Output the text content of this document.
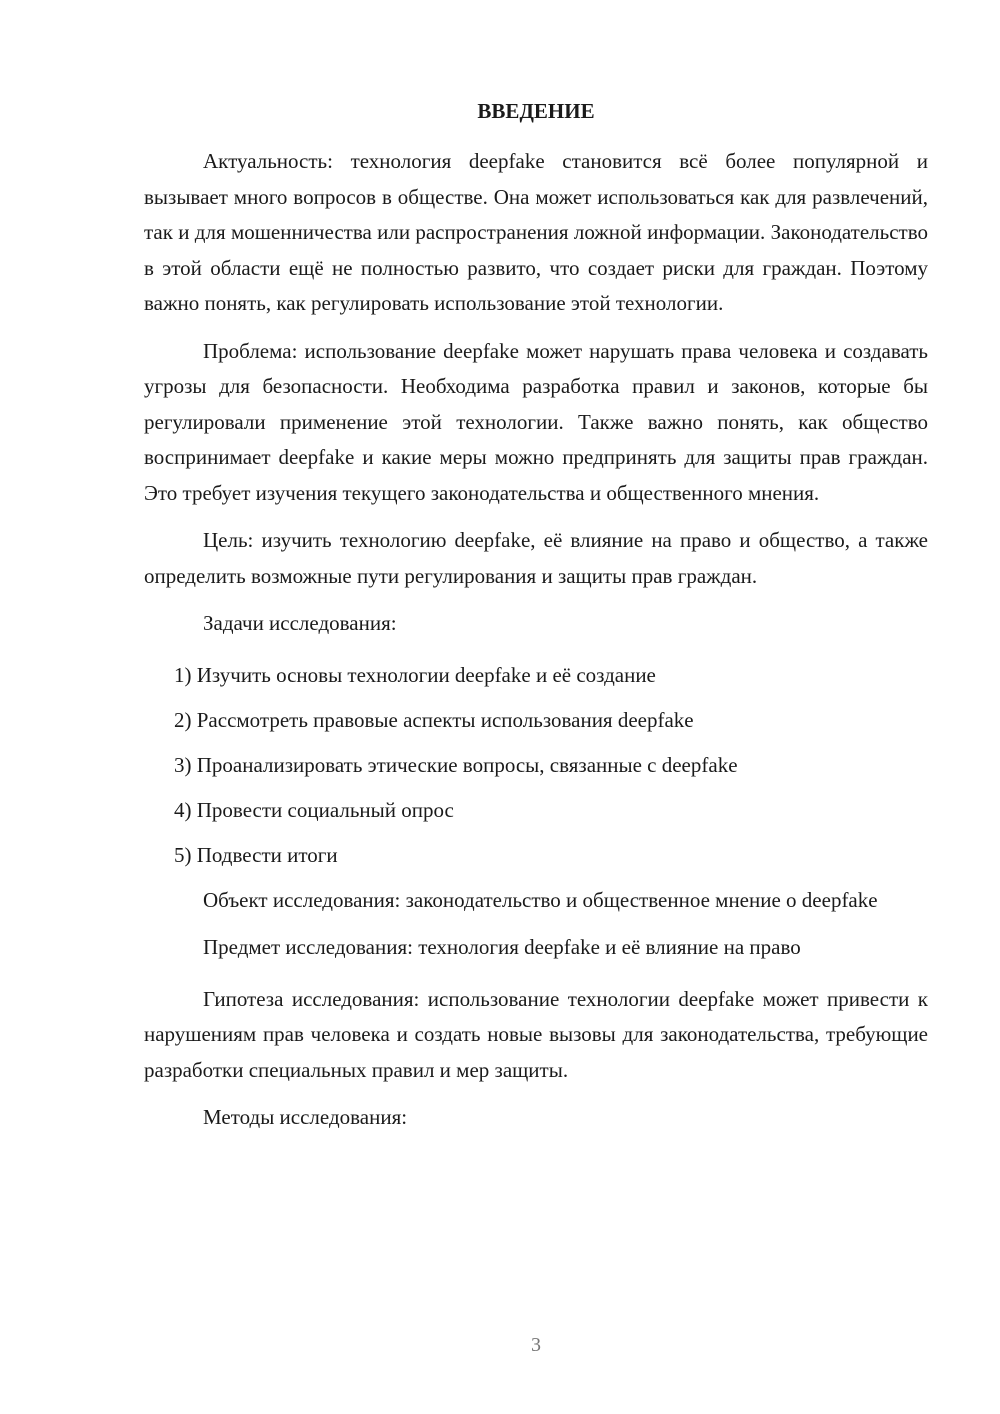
ВВЕДЕНИЕ

Актуальность: технология deepfake становится всё более популярной и вызывает много вопросов в обществе. Она может использоваться как для развлечений, так и для мошенничества или распространения ложной информации. Законодательство в этой области ещё не полностью развито, что создает риски для граждан. Поэтому важно понять, как регулировать использование этой технологии.

Проблема: использование deepfake может нарушать права человека и создавать угрозы для безопасности. Необходима разработка правил и законов, которые бы регулировали применение этой технологии. Также важно понять, как общество воспринимает deepfake и какие меры можно предпринять для защиты прав граждан. Это требует изучения текущего законодательства и общественного мнения.

Цель: изучить технологию deepfake, её влияние на право и общество, а также определить возможные пути регулирования и защиты прав граждан.

Задачи исследования:

1) Изучить основы технологии deepfake и её создание
2) Рассмотреть правовые аспекты использования deepfake
3) Проанализировать этические вопросы, связанные с deepfake
4) Провести социальный опрос
5) Подвести итоги

Объект исследования: законодательство и общественное мнение о deepfake

Предмет исследования: технология deepfake и её влияние на право

Гипотеза исследования: использование технологии deepfake может привести к нарушениям прав человека и создать новые вызовы для законодательства, требующие разработки специальных правил и мер защиты.

Методы исследования:

3
